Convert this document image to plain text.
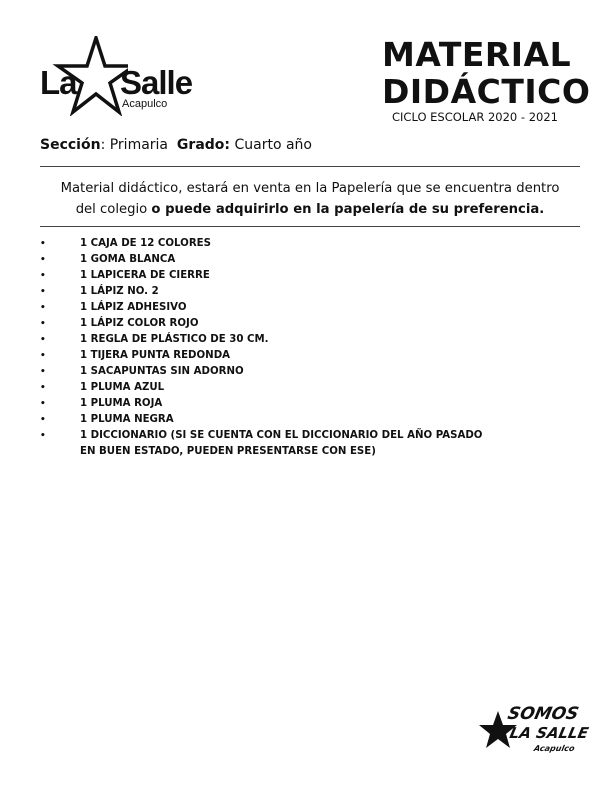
La Salle
Acapulco
MATERIAL
DIDÁCTICO
CICLO ESCOLAR 2020 - 2021
Sección: Primaria Grado: Cuarto año
Material didáctico, estará en venta en la Papelería que se encuentra dentro
del colegio o puede adquirirlo en la papelería de su preferencia.
•	1 CAJA DE 12 COLORES
•	1 GOMA BLANCA
•	1 LAPICERA DE CIERRE
•	1 LÁPIZ NO. 2
•	1 LÁPIZ ADHESIVO
•	1 LÁPIZ COLOR ROJO
•	1 REGLA DE PLÁSTICO DE 30 CM.
•	1 TIJERA PUNTA REDONDA
•	1 SACAPUNTAS SIN ADORNO
•	1 PLUMA AZUL
•	1 PLUMA ROJA
•	1 PLUMA NEGRA
•	1 DICCIONARIO (SI SE CUENTA CON EL DICCIONARIO DEL AÑO PASADO
EN BUEN ESTADO, PUEDEN PRESENTARSE CON ESE)
SOMOS
LA SALLE
Acapulco
